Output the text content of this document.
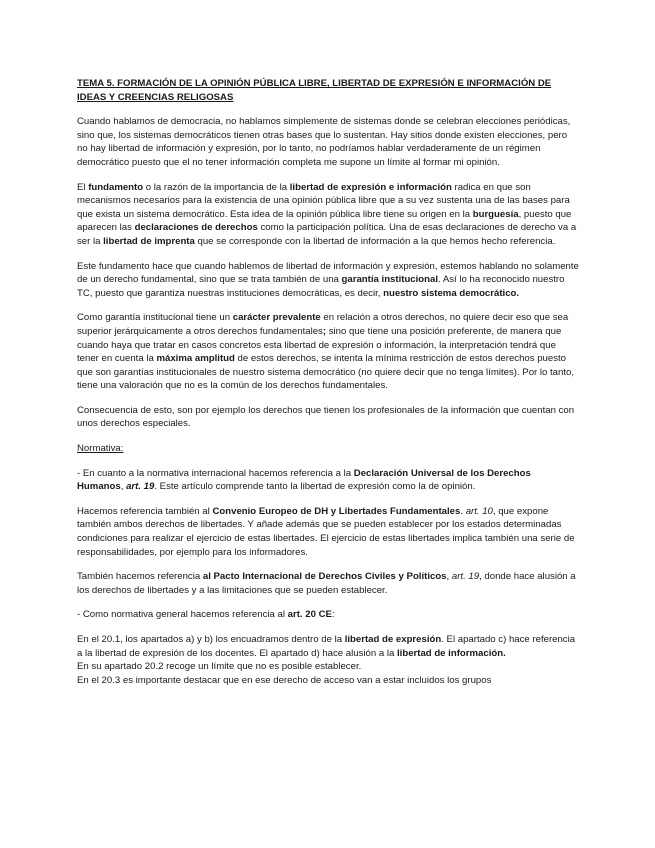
TEMA 5. FORMACIÓN DE LA OPINIÓN PÚBLICA LIBRE, LIBERTAD DE EXPRESIÓN E INFORMACIÓN DE IDEAS Y CREENCIAS RELIGOSAS

Cuando hablamos de democracia, no hablamos simplemente de sistemas donde se celebran elecciones periódicas, sino que, los sistemas democráticos tienen otras bases que lo sustentan. Hay sitios donde existen elecciones, pero no hay libertad de información y expresión, por lo tanto, no podríamos hablar verdaderamente de un régimen democrático puesto que el no tener información completa me supone un límite al formar mi opinión.

El fundamento o la razón de la importancia de la libertad de expresión e información radica en que son mecanismos necesarios para la existencia de una opinión pública libre que a su vez sustenta una de las bases para que exista un sistema democrático. Esta idea de la opinión pública libre tiene su origen en la burguesía, puesto que aparecen las declaraciones de derechos como la participación política. Una de esas declaraciones de derecho va a ser la libertad de imprenta que se corresponde con la libertad de información a la que hemos hecho referencia.

Este fundamento hace que cuando hablemos de libertad de información y expresión, estemos hablando no solamente de un derecho fundamental, sino que se trata también de una garantía institucional. Así lo ha reconocido nuestro TC, puesto que garantiza nuestras instituciones democráticas, es decir, nuestro sistema democrático.

Como garantía institucional tiene un carácter prevalente en relación a otros derechos, no quiere decir eso que sea superior jerárquicamente a otros derechos fundamentales; sino que tiene una posición preferente, de manera que cuando haya que tratar en casos concretos esta libertad de expresión o información, la interpretación tendrá que tener en cuenta la máxima amplitud de estos derechos, se intenta la mínima restricción de estos derechos puesto que son garantías institucionales de nuestro sistema democrático (no quiere decir que no tenga límites). Por lo tanto, tiene una valoración que no es la común de los derechos fundamentales.

Consecuencia de esto, son por ejemplo los derechos que tienen los profesionales de la información que cuentan con unos derechos especiales.

Normativa:

- En cuanto a la normativa internacional hacemos referencia a la Declaración Universal de los Derechos Humanos, art. 19. Este artículo comprende tanto la libertad de expresión como la de opinión.

Hacemos referencia también al Convenio Europeo de DH y Libertades Fundamentales. art. 10, que expone también ambos derechos de libertades. Y añade además que se pueden establecer por los estados determinadas condiciones para realizar el ejercicio de estas libertades. El ejercicio de estas libertades implica también una serie de responsabilidades, por ejemplo para los informadores.

También hacemos referencia al Pacto Internacional de Derechos Civiles y Políticos, art. 19, donde hace alusión a los derechos de libertades y a las limitaciones que se pueden establecer.

- Como normativa general hacemos referencia al art. 20 CE:

En el 20.1, los apartados a) y b) los encuadramos dentro de la libertad de expresión. El apartado c) hace referencia a la libertad de expresión de los docentes. El apartado d) hace alusión a la libertad de información.

En su apartado 20.2 recoge un límite que no es posible establecer.

En el 20.3 es importante destacar que en ese derecho de acceso van a estar incluidos los grupos
